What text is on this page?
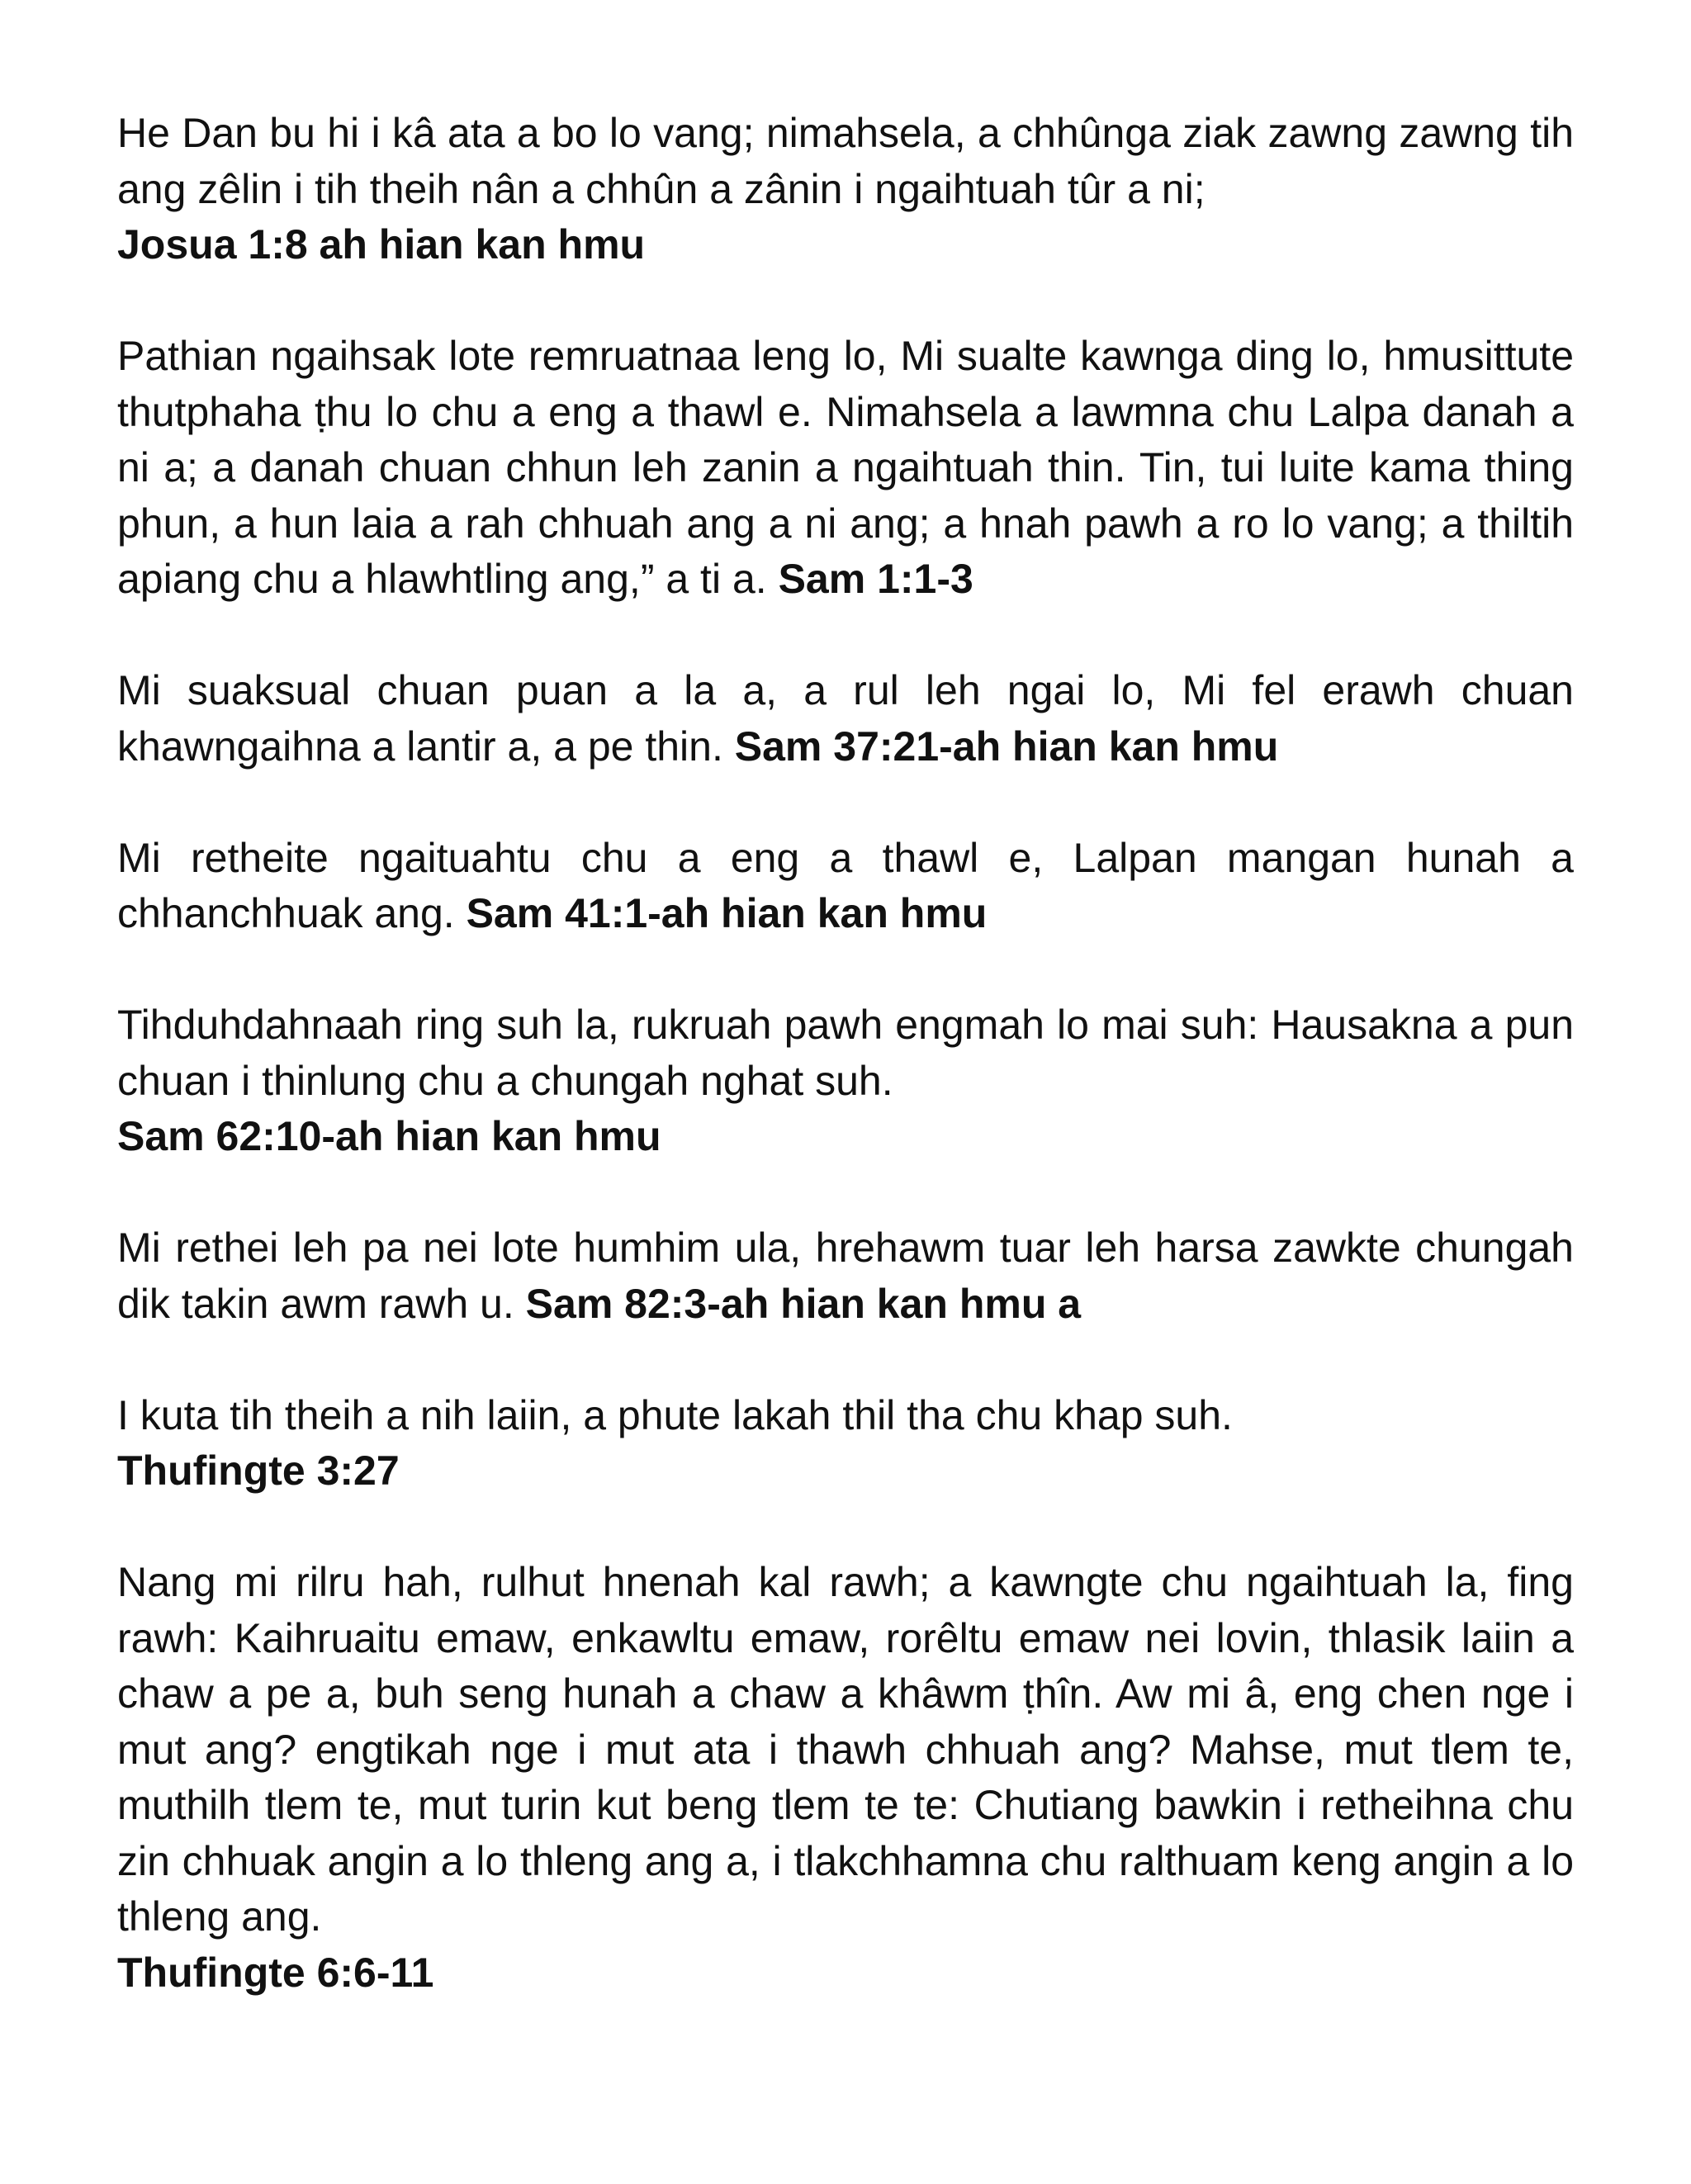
He Dan bu hi i kâ ata a bo lo vang; nimahsela, a chhûnga ziak zawng zawng tih ang zêlin i tih theih nân a chhûn a zânin i ngaihtuah tûr a ni;
Josua 1:8 ah hian kan hmu

Pathian ngaihsak lote remruatnaa leng lo, Mi sualte kawnga ding lo, hmusittute thutphaha ṭhu lo chu a eng a thawl e. Nimahsela a lawmna chu Lalpa danah a ni a; a danah chuan chhun leh zanin a ngaihtuah thin. Tin, tui luite kama thing phun, a hun laia a rah chhuah ang a ni ang; a hnah pawh a ro lo vang; a thiltih apiang chu a hlawhtling ang,” a ti a. Sam 1:1-3

Mi suaksual chuan puan a la a, a rul leh ngai lo, Mi fel erawh chuan khawngaihna a lantir a, a pe thin. Sam 37:21-ah hian kan hmu

Mi retheite ngaituahtu chu a eng a thawl e, Lalpan mangan hunah a chhanchhuak ang. Sam 41:1-ah hian kan hmu

Tihduhdahnaah ring suh la, rukruah pawh engmah lo mai suh: Hausakna a pun chuan i thinlung chu a chungah nghat suh.
Sam 62:10-ah hian kan hmu

Mi rethei leh pa nei lote humhim ula, hrehawm tuar leh harsa zawkte chungah dik takin awm rawh u. Sam 82:3-ah hian kan hmu a

I kuta tih theih a nih laiin, a phute lakah thil tha chu khap suh.
Thufingte 3:27

Nang mi rilru hah, rulhut hnenah kal rawh; a kawngte chu ngaihtuah la, fing rawh: Kaihruaitu emaw, enkawltu emaw, rorêltu emaw nei lovin, thlasik laiin a chaw a pe a, buh seng hunah a chaw a khâwm ṭhîn. Aw mi â, eng chen nge i mut ang? engtikah nge i mut ata i thawh chhuah ang? Mahse, mut tlem te, muthilh tlem te, mut turin kut beng tlem te te: Chutiang bawkin i retheihna chu zin chhuak angin a lo thleng ang a, i tlakchhamna chu ralthuam keng angin a lo thleng ang.
Thufingte 6:6-11
